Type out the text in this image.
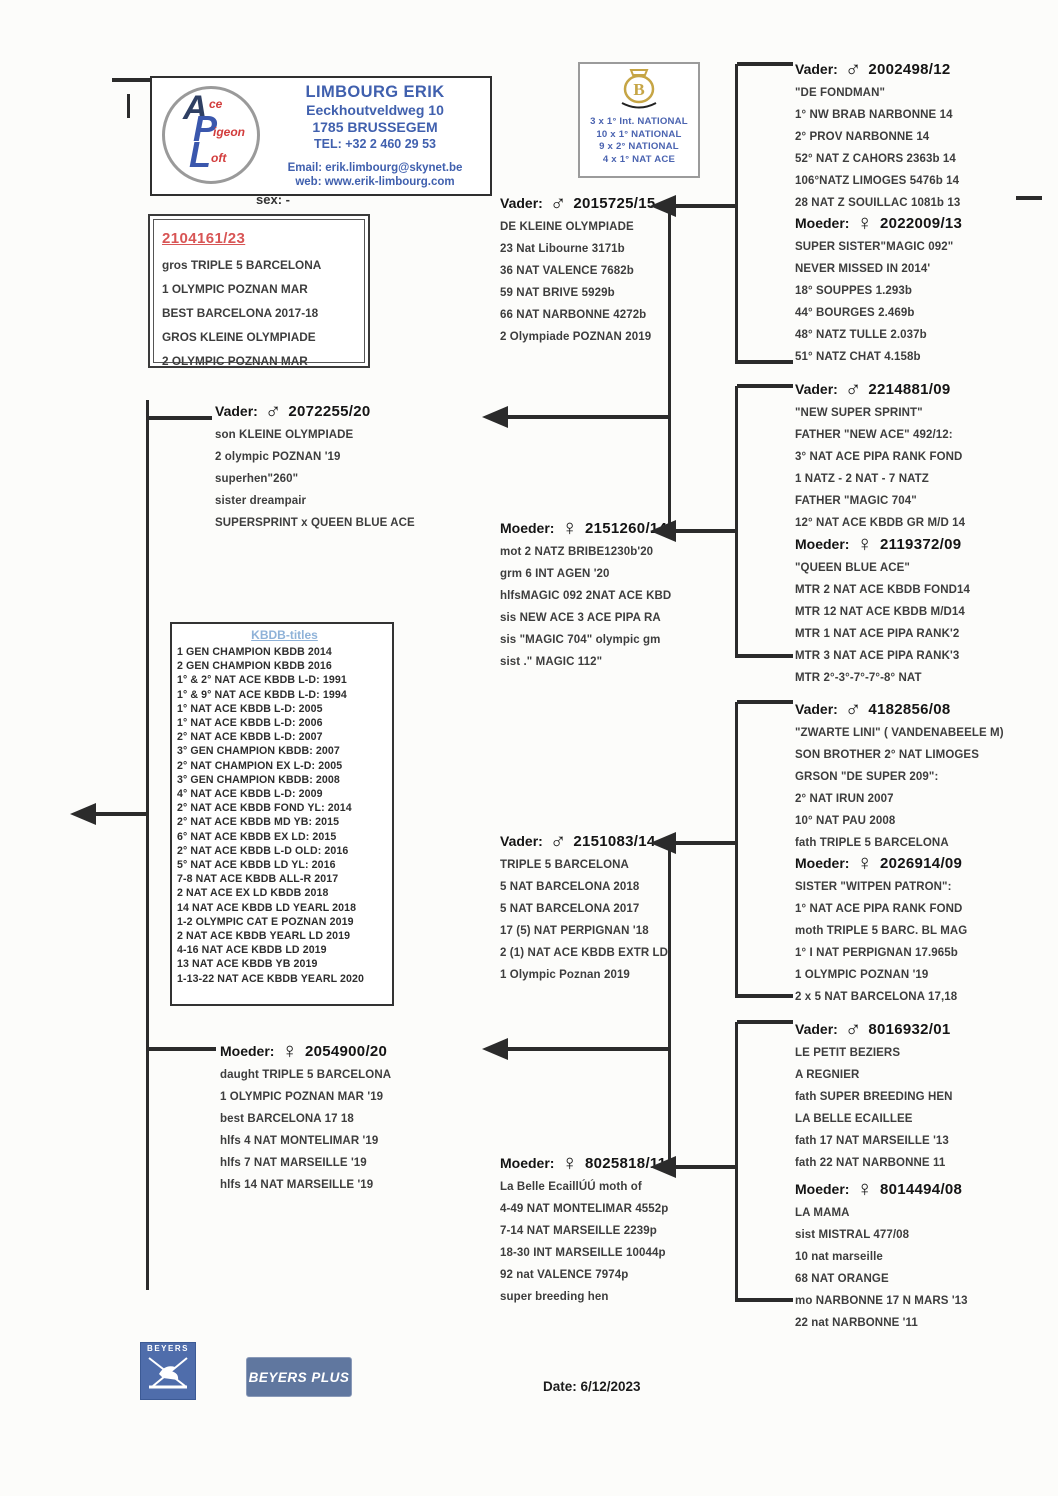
A ce
P
igeon
L oft
LIMBOURG ERIK
Eeckhoutveldweg 10
1785 BRUSSEGEM
TEL: +32 2 460 29 53
Email: erik.limbourg@skynet.be
web: www.erik-limbourg.com
sex: -
B
3 x 1° Int. NATIONAL
10 x 1° NATIONAL
9 x 2° NATIONAL
4 x 1° NAT ACE
2104161/23
gros TRIPLE 5 BARCELONA
1 OLYMPIC POZNAN MAR
BEST BARCELONA 2017-18
GROS KLEINE OLYMPIADE
2 OLYMPIC POZNAN MAR
KBDB-titles
1 GEN CHAMPION KBDB 2014
2 GEN CHAMPION KBDB 2016
1° & 2° NAT ACE KBDB L-D: 1991
1° & 9° NAT ACE KBDB L-D: 1994
1° NAT ACE KBDB L-D: 2005
1° NAT ACE KBDB L-D: 2006
2° NAT ACE KBDB L-D: 2007
3° GEN CHAMPION KBDB: 2007
2° NAT CHAMPION EX L-D: 2005
3° GEN CHAMPION KBDB: 2008
4° NAT ACE KBDB L-D: 2009
2° NAT ACE KBDB FOND YL: 2014
2° NAT ACE KBDB MD YB: 2015
6° NAT ACE KBDB EX LD: 2015
2° NAT ACE KBDB L-D OLD: 2016
5° NAT ACE KBDB LD YL: 2016
7-8 NAT ACE KBDB ALL-R 2017
2 NAT ACE EX LD KBDB 2018
14 NAT ACE KBDB LD YEARL 2018
1-2 OLYMPIC CAT E POZNAN 2019
2 NAT ACE KBDB YEARL LD 2019
4-16 NAT ACE KBDB LD 2019
13 NAT ACE KBDB YB 2019
1-13-22 NAT ACE KBDB YEARL 2020
Vader: ♂ 2072255/20
son KLEINE OLYMPIADE
2 olympic POZNAN '19
superhen"260"
sister dreampair
SUPERSPRINT x QUEEN BLUE ACE
Moeder: ♀ 2054900/20
daught TRIPLE 5 BARCELONA
1 OLYMPIC POZNAN MAR '19
best BARCELONA 17 18
hlfs 4 NAT MONTELIMAR '19
hlfs 7 NAT MARSEILLE '19
hlfs 14 NAT MARSEILLE '19
Vader: ♂ 2015725/15
DE KLEINE OLYMPIADE
23 Nat Libourne 3171b
36 NAT VALENCE 7682b
59 NAT BRIVE 5929b
66 NAT NARBONNE 4272b
2 Olympiade POZNAN 2019
Moeder: ♀ 2151260/14
mot 2 NATZ BRIBE1230b'20
grm 6 INT AGEN '20
hlfsMAGIC 092 2NAT ACE KBD
sis NEW ACE 3 ACE PIPA RA
sis "MAGIC 704" olympic gm
sist ." MAGIC 112"
Vader: ♂ 2151083/14
TRIPLE 5 BARCELONA
5 NAT BARCELONA 2018
5 NAT BARCELONA 2017
17 (5) NAT PERPIGNAN '18
2 (1) NAT ACE KBDB EXTR LD
1 Olympic Poznan 2019
Moeder: ♀ 8025818/11
La Belle EcaillÚÚ moth of
4-49 NAT MONTELIMAR 4552p
7-14 NAT MARSEILLE 2239p
18-30 INT MARSEILLE 10044p
92 nat VALENCE 7974p
super breeding hen
Vader: ♂ 2002498/12
"DE FONDMAN"
1° NW BRAB NARBONNE 14
2° PROV NARBONNE 14
52° NAT Z CAHORS 2363b 14
106°NATZ LIMOGES 5476b 14
28 NAT Z SOUILLAC 1081b 13
Moeder: ♀ 2022009/13
SUPER SISTER"MAGIC 092"
NEVER MISSED IN 2014'
18° SOUPPES 1.293b
44° BOURGES 2.469b
48° NATZ TULLE 2.037b
51° NATZ CHAT 4.158b
Vader: ♂ 2214881/09
"NEW SUPER SPRINT"
FATHER "NEW ACE" 492/12:
3° NAT ACE PIPA RANK FOND
1 NATZ - 2 NAT - 7 NATZ
FATHER "MAGIC 704"
12° NAT ACE KBDB GR M/D 14
Moeder: ♀ 2119372/09
"QUEEN BLUE ACE"
MTR 2 NAT ACE KBDB FOND14
MTR 12 NAT ACE KBDB M/D14
MTR 1 NAT ACE PIPA RANK'2
MTR 3 NAT ACE PIPA RANK'3
MTR 2°-3°-7°-7°-8° NAT
Vader: ♂ 4182856/08
"ZWARTE LINI" ( VANDENABEELE M)
SON BROTHER 2° NAT LIMOGES
GRSON "DE SUPER 209":
2° NAT IRUN 2007
10° NAT PAU 2008
fath TRIPLE 5 BARCELONA
Moeder: ♀ 2026914/09
SISTER "WITPEN PATRON":
1° NAT ACE PIPA RANK FOND
moth TRIPLE 5 BARC. BL MAG
1° I NAT PERPIGNAN 17.965b
1 OLYMPIC POZNAN '19
2 x 5 NAT BARCELONA 17,18
Vader: ♂ 8016932/01
LE PETIT BEZIERS
A REGNIER
fath SUPER BREEDING HEN
LA BELLE ECAILLEE
fath 17 NAT MARSEILLE '13
fath 22 NAT NARBONNE 11
Moeder: ♀ 8014494/08
LA MAMA
sist MISTRAL 477/08
10 nat marseille
68 NAT ORANGE
mo NARBONNE 17 N MARS '13
22 nat NARBONNE '11
BEYERS
BEYERS PLUS
Date: 6/12/2023
